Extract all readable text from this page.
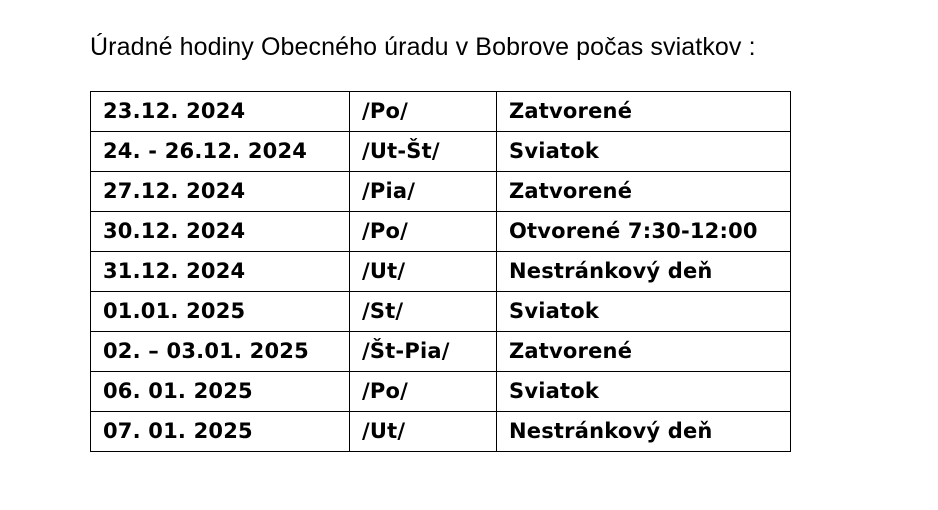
Úradné hodiny Obecného úradu v Bobrove počas sviatkov :
23.12. 2024	/Po/	Zatvorené
24. - 26.12. 2024	/Ut-Št/	Sviatok
27.12. 2024	/Pia/	Zatvorené
30.12. 2024	/Po/	Otvorené 7:30-12:00
31.12. 2024	/Ut/	Nestránkový deň
01.01. 2025	/St/	Sviatok
02. – 03.01. 2025	/Št-Pia/	Zatvorené
06. 01. 2025	/Po/	Sviatok
07. 01. 2025	/Ut/	Nestránkový deň
